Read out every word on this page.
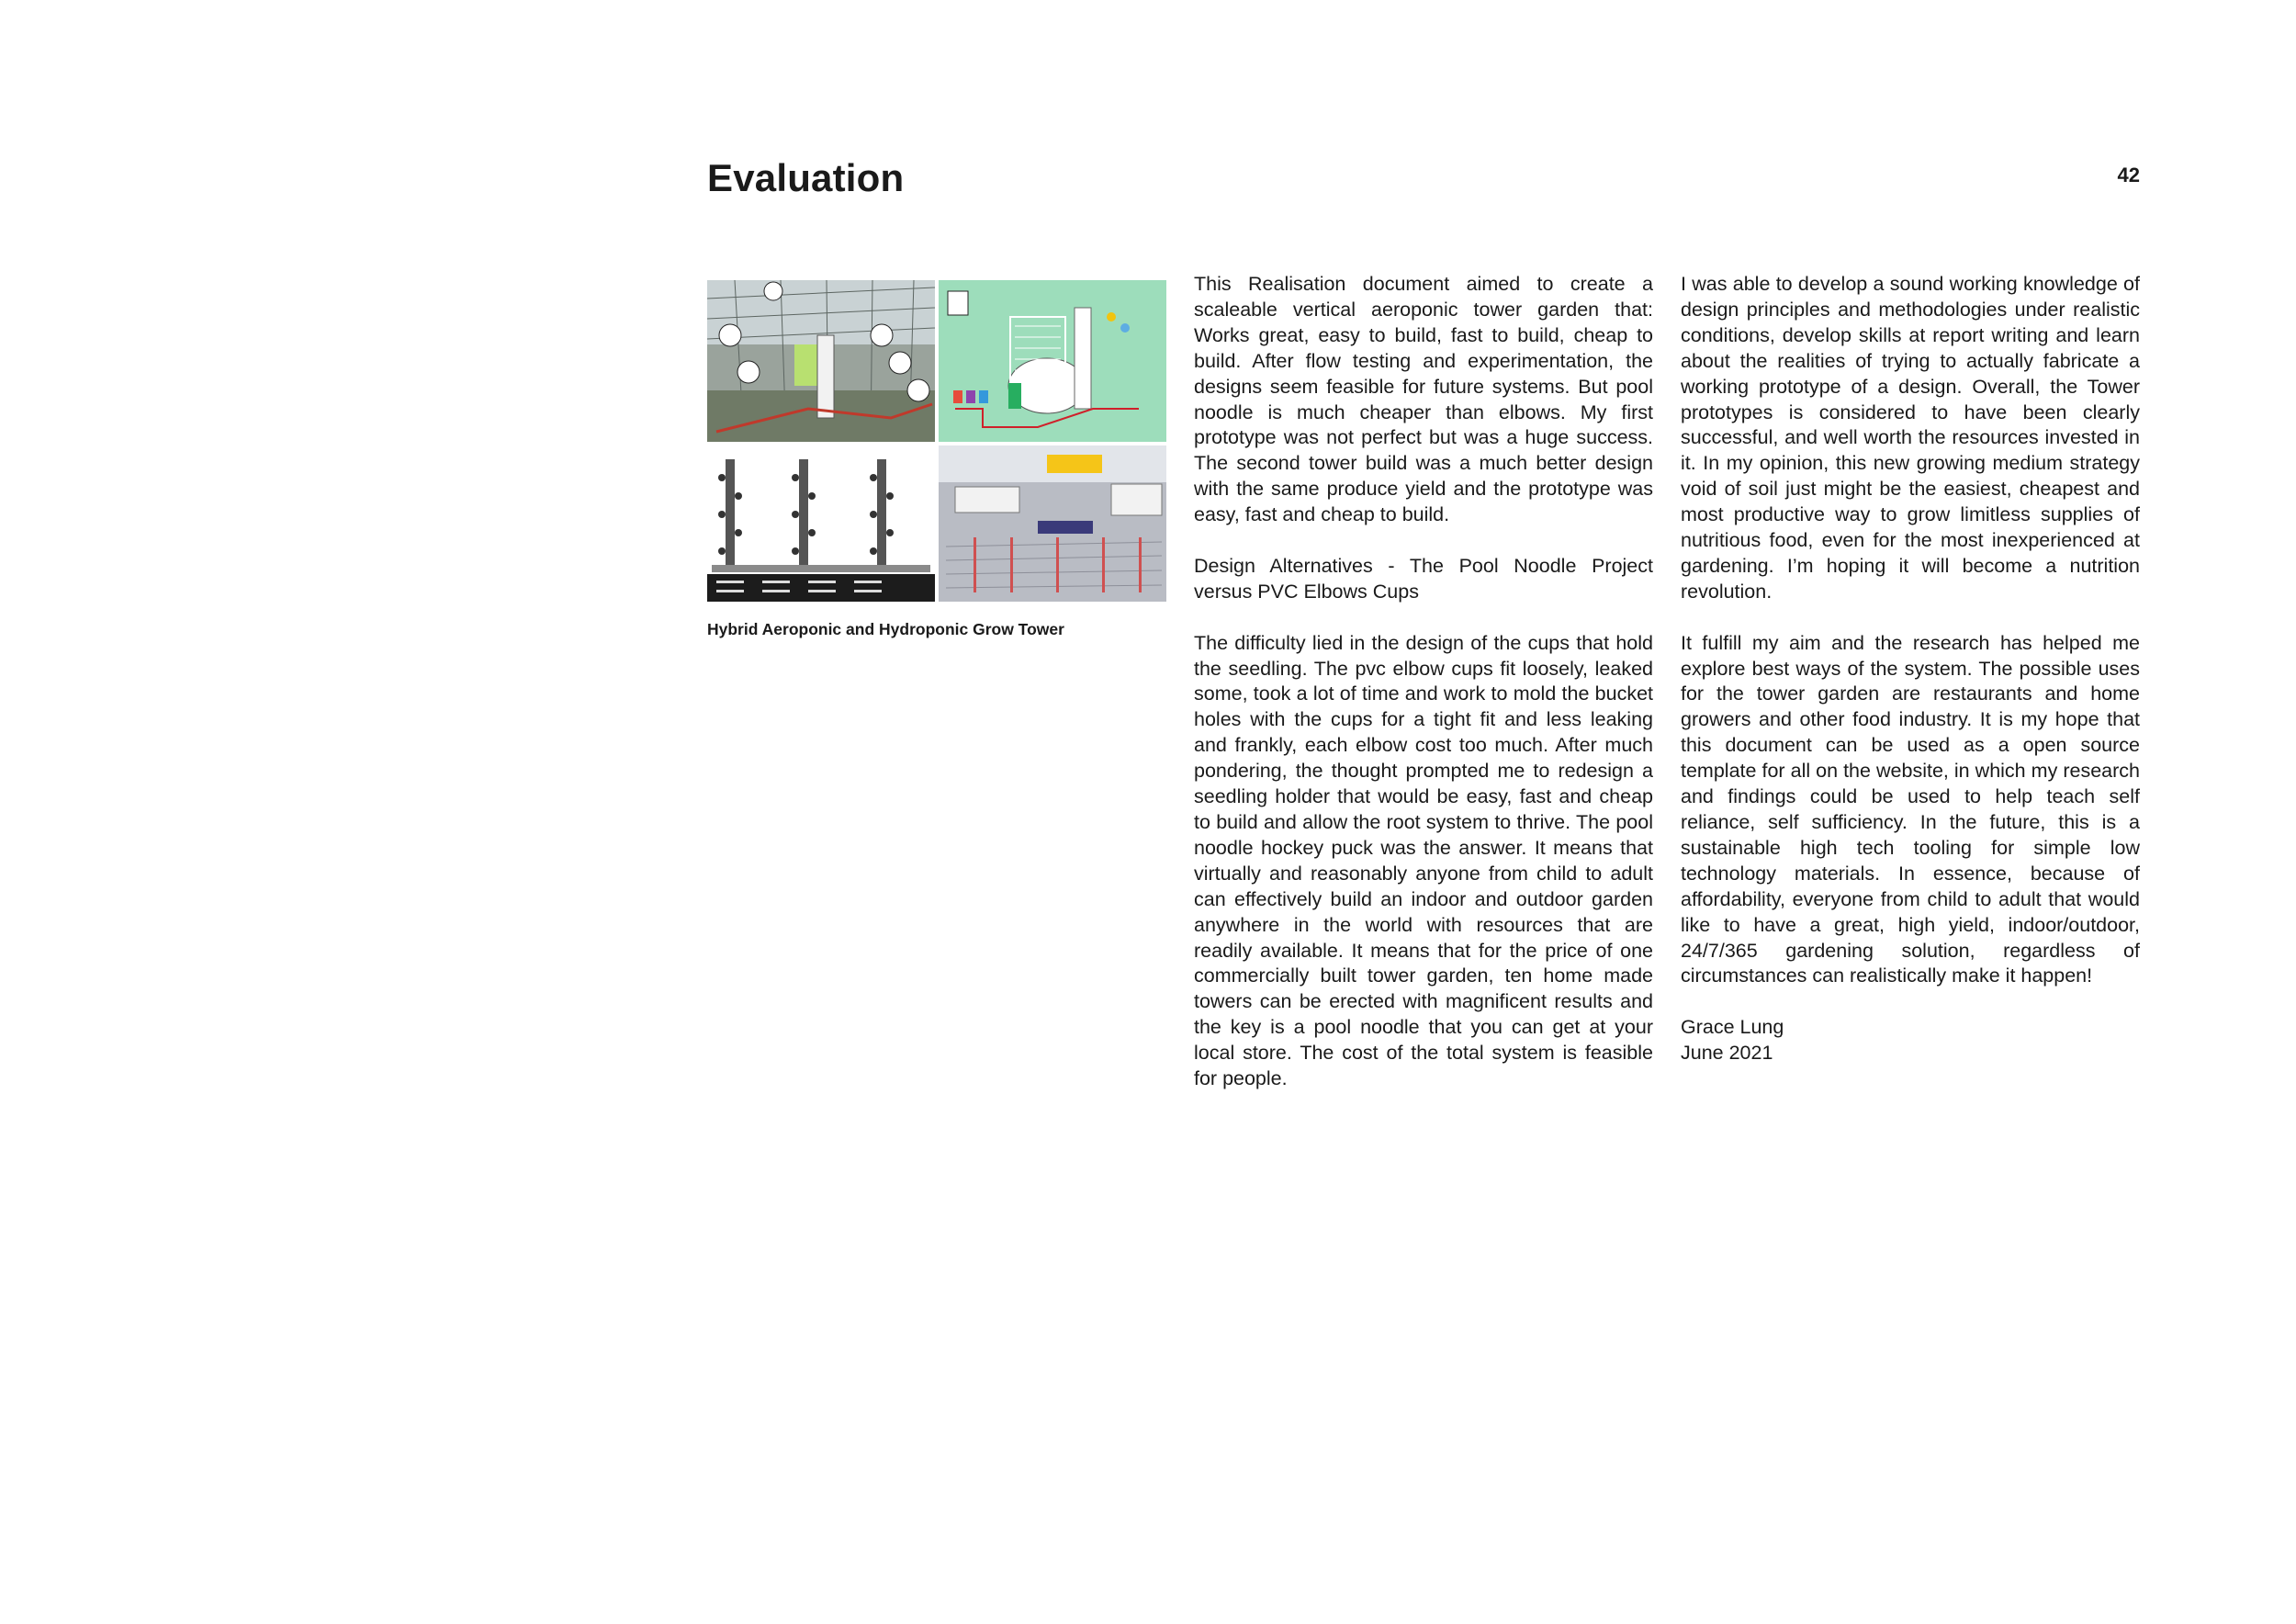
Evaluation	42

Hybrid Aeroponic and Hydroponic Grow Tower

This Realisation document aimed to create a scaleable vertical aeroponic tower garden that: Works great, easy to build, fast to build, cheap to build. After flow testing and experimentation, the designs seem feasible for future systems. But pool noodle is much cheaper than elbows. My first prototype was not perfect but was a huge success. The second tower build was a much better design with the same produce yield and the prototype was easy, fast and cheap to build.

Design Alternatives - The Pool Noodle Project versus PVC Elbows Cups

The difficulty lied in the design of the cups that hold the seedling. The pvc elbow cups fit loosely, leaked some, took a lot of time and work to mold the bucket holes with the cups for a tight fit and less leaking and frankly, each elbow cost too much. After much pondering, the thought prompted me to redesign a seedling holder that would be easy, fast and cheap to build and allow the root system to thrive. The pool noodle hockey puck was the answer. It means that virtually and reasonably anyone from child to adult can effectively build an indoor and outdoor garden anywhere in the world with resources that are readily available. It means that for the price of one commercially built tower garden, ten home made towers can be erected with magnificent results and the key is a pool noodle that you can get at your local store. The cost of the total system is feasible for people.

I was able to develop a sound working knowledge of design principles and methodologies under realistic conditions, develop skills at report writing and learn about the realities of trying to actually fabricate a working prototype of a design. Overall, the Tower prototypes is considered to have been clearly successful, and well worth the resources invested in it. In my opinion, this new growing medium strategy void of soil just might be the easiest, cheapest and most productive way to grow limitless supplies of nutritious food, even for the most inexperienced at gardening. I’m hoping it will become a nutrition revolution.

It fulfill my aim and the research has helped me explore best ways of the system. The possible uses for the tower garden are restaurants and home growers and other food industry. It is my hope that this document can be used as a open source template for all on the website, in which my research and findings could be used to help teach self reliance, self sufficiency. In the future, this is a sustainable high tech tooling for simple low technology materials. In essence, because of affordability, everyone from child to adult that would like to have a great, high yield, indoor/outdoor, 24/7/365 gardening solution, regardless of circumstances can realistically make it happen!

Grace Lung
June 2021
